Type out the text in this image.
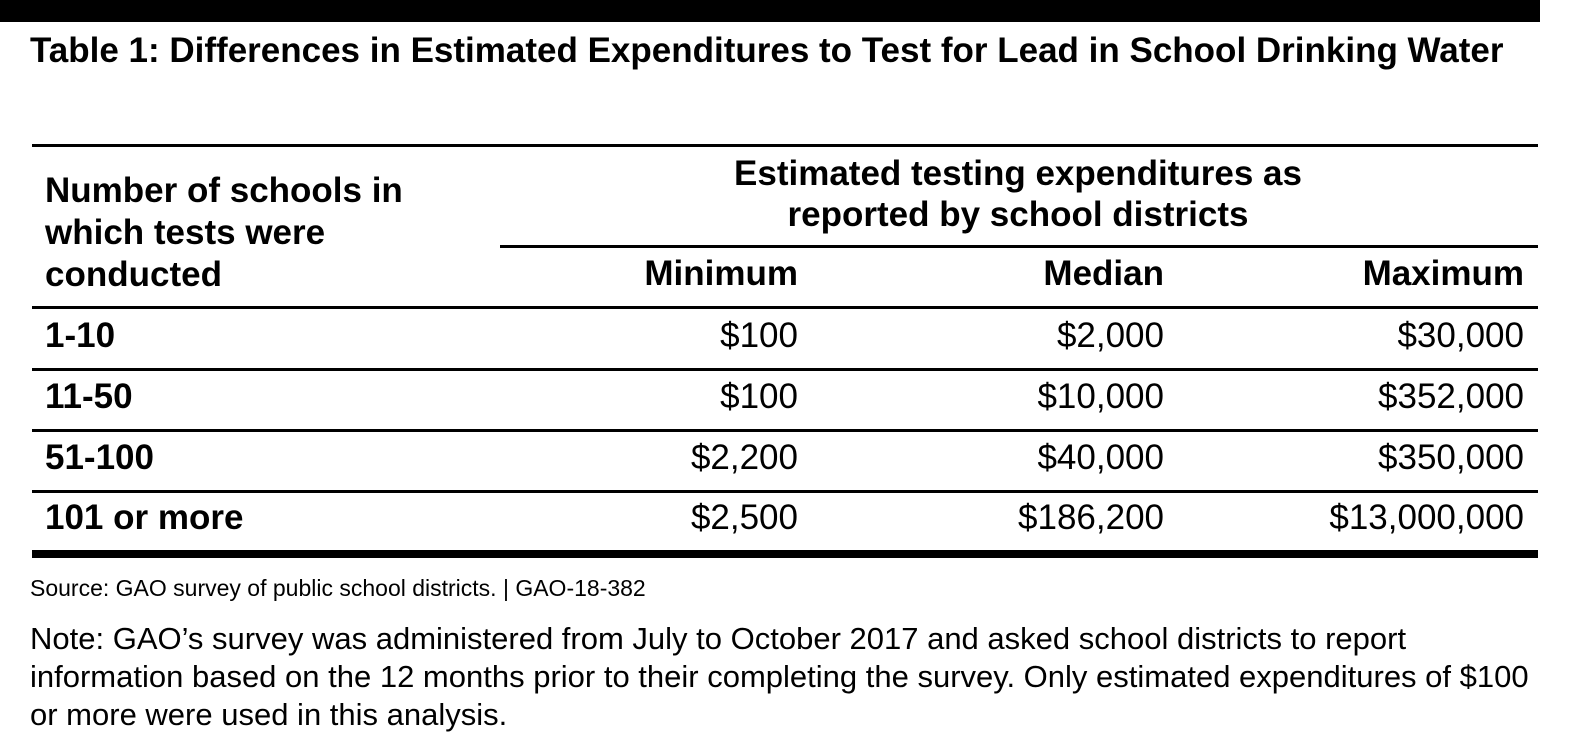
Table 1: Differences in Estimated Expenditures to Test for Lead in School Drinking Water
Number of schools in which tests were conducted
Estimated testing expenditures as reported by school districts
Minimum	Median	Maximum
1-10	$100	$2,000	$30,000
11-50	$100	$10,000	$352,000
51-100	$2,200	$40,000	$350,000
101 or more	$2,500	$186,200	$13,000,000
Source: GAO survey of public school districts. | GAO-18-382
Note: GAO’s survey was administered from July to October 2017 and asked school districts to report information based on the 12 months prior to their completing the survey. Only estimated expenditures of $100 or more were used in this analysis.
